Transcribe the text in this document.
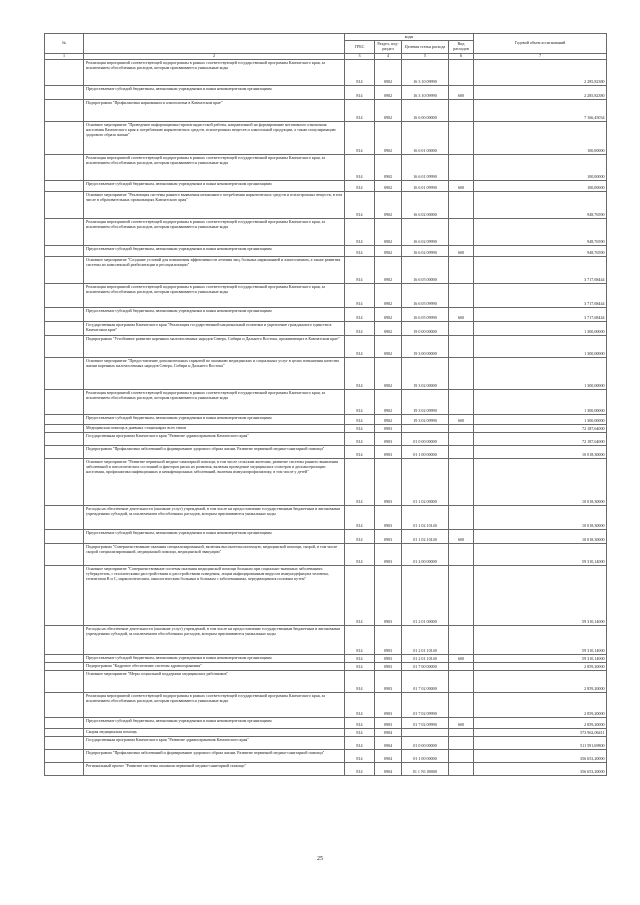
№		коды				Годовой объем ассигнований
		ГРБС	Раздел, под-раздел	Целевая статья расхода	Вид расходов	
1	2	3	4	5	6	7
	Реализация мероприятий соответствующей подпрограммы в рамках соответствующей государственной программы Камчатского края, за исключением обособленных расходов, которым присваиваются уникальные коды	814	0902	16 3 10 09990		2 285,82380
	Предоставление субсидий бюджетным, автономным учреждениям и иным некоммерческим организациям	814	0902	16 3 10 09990	600	2 285,82380
	Подпрограмма "Профилактика наркомании и алкоголизма в Камчатском крае"	814	0902	16 6 00 00000		7 166,45034
	Основное мероприятие "Проведение информационно-пропагандистской работы, направленной на формирование негативного отношения населения Камчатского края к потреблению наркотических средств, психотропных веществ и алкогольной продукции, а также популяризацию здорового образа жизни"	814	0902	16 6 01 00000		100,00000
	Реализация мероприятий соответствующей подпрограммы в рамках соответствующей государственной программы Камчатского края, за исключением обособленных расходов, которым присваиваются уникальные коды	814	0902	16 6 01 09990		100,00000
	Предоставление субсидий бюджетным, автономным учреждениям и иным некоммерческим организациям	814	0902	16 6 01 09990	600	100,00000
	Основное мероприятие "Реализация системы раннего выявления незаконного потребления наркотических средств и психотропных веществ, в том числе в образовательных организациях Камчатского края"	814	0902	16 6 02 00000		948,76590
	Реализация мероприятий соответствующей подпрограммы в рамках соответствующей государственной программы Камчатского края, за исключением обособленных расходов, которым присваиваются уникальные коды	814	0902	16 6 02 09990		948,76590
	Предоставление субсидий бюджетным, автономным учреждениям и иным некоммерческим организациям	814	0902	16 6 02 09990	600	948,76590
	Основное мероприятие "Создание условий для повышения эффективности лечения лиц, больных наркоманией и алкоголизмом, а также развития системы их комплексной реабилитации и ресоциализации"	814	0902	16 6 05 00000		3 717,68444
	Реализация мероприятий соответствующей подпрограммы в рамках соответствующей государственной программы Камчатского края, за исключением обособленных расходов, которым присваиваются уникальные коды	814	0902	16 6 05 09990		3 717,68444
	Предоставление субсидий бюджетным, автономным учреждениям и иным некоммерческим организациям	814	0902	16 6 05 09990	600	3 717,68444
	Государственная программа Камчатского края "Реализация государственной национальной политики и укрепление гражданского единства в Камчатском крае"	814	0902	19 0 00 00000		1 300,00000
	Подпрограмма "Устойчивое развитие коренных малочисленных народов Севера, Сибири и Дальнего Востока, проживающих в Камчатском крае"	814	0902	19 3 00 00000		1 300,00000
	Основное мероприятие "Предоставление дополнительных гарантий по оказанию медицинских и социальных услуг в целях повышения качества жизни коренных малочисленных народов Севера, Сибири и Дальнего Востока"	814	0902	19 3 02 00000		1 300,00000
	Реализация мероприятий соответствующей подпрограммы в рамках соответствующей государственной программы Камчатского края, за исключением обособленных расходов, которым присваиваются уникальные коды	814	0902	19 3 02 09990		1 300,00000
	Предоставление субсидий бюджетным, автономным учреждениям и иным некоммерческим организациям	814	0902	19 3 02 09990	600	1 300,00000
	Медицинская помощь в дневных стационарах всех типов	814	0903			72 187,64000
	Государственная программа Камчатского края "Развитие здравоохранения Камчатского края"	814	0903	01 0 00 00000		72 187,64000
	Подпрограмма "Профилактика заболеваний и формирование здорового образа жизни. Развитие первичной медико-санитарной помощи"	814	0903	01 1 00 00000		10 018,30000
	Основное мероприятие "Развитие первичной медико-санитарной помощи, в том числе сельским жителям, развитие системы раннего выявления заболеваний и патологических состояний и факторов риска их развития, включая проведение медицинских осмотров и диспансеризации населения, профилактика инфекционных и неинфекционных заболеваний, включая иммунопрофилактику, в том числе у детей"	814	0903	01 1 02 00000		10 018,30000
	Расходы на обеспечение деятельности (оказание услуг) учреждений, в том числе на предоставление государственным бюджетным и автономным учреждениям субсидий, за исключением обособленных расходов, которым присваиваются уникальные коды	814	0903	01 1 02 10140		10 018,30000
	Предоставление субсидий бюджетным, автономным учреждениям и иным некоммерческим организациям	814	0903	01 1 02 10140	600	10 018,30000
	Подпрограмма "Совершенствование оказания специализированной, включая высокотехнологичную, медицинской помощи, скорой, в том числе скорой специализированной, медицинской помощи, медицинской эвакуации"	814	0903	01 2 00 00000		59 310,14000
	Основное мероприятие "Совершенствование системы оказания медицинской помощи больным при социально-значимых заболеваниях: туберкулезом, с психическими расстройствами и расстройствами поведения, лицам инфицированным вирусом иммунодефицита человека, гепатитами В и С, наркологическим, онкологическим больным и больным с заболеваниями, передающимися половым путем"	814	0903	01 2 01 00000		59 310,14000
	Расходы на обеспечение деятельности (оказание услуг) учреждений, в том числе на предоставление государственным бюджетным и автономным учреждениям субсидий, за исключением обособленных расходов, которым присваиваются уникальные коды	814	0903	01 2 01 10140		59 310,14000
	Предоставление субсидий бюджетным, автономным учреждениям и иным некоммерческим организациям	814	0903	01 2 01 10140	600	59 310,14000
	Подпрограмма "Кадровое обеспечение системы здравоохранения"	814	0903	01 7 00 00000		2 859,20000
	Основное мероприятие "Меры социальной поддержки медицинских работников"	814	0903	01 7 02 00000		2 859,20000
	Реализация мероприятий соответствующей подпрограммы в рамках соответствующей государственной программы Камчатского края, за исключением обособленных расходов, которым присваиваются уникальные коды	814	0903	01 7 02 09990		2 859,20000
	Предоставление субсидий бюджетным, автономным учреждениям и иным некоммерческим организациям	814	0903	01 7 02 09990	600	2 859,20000
	Скорая медицинская помощь	814	0904			573 962,06411
	Государственная программа Камчатского края "Развитие здравоохранения Камчатского края"	814	0904	01 0 00 00000		511 591,69800
	Подпрограмма "Профилактика заболеваний и формирование здорового образа жизни. Развитие первичной медико-санитарной помощи"	814	0904	01 1 00 00000		356 653,20000
	Региональный проект "Развитие системы оказания первичной медико-санитарной помощи"	814	0904	01 1 N1 00000		356 653,20000
25
